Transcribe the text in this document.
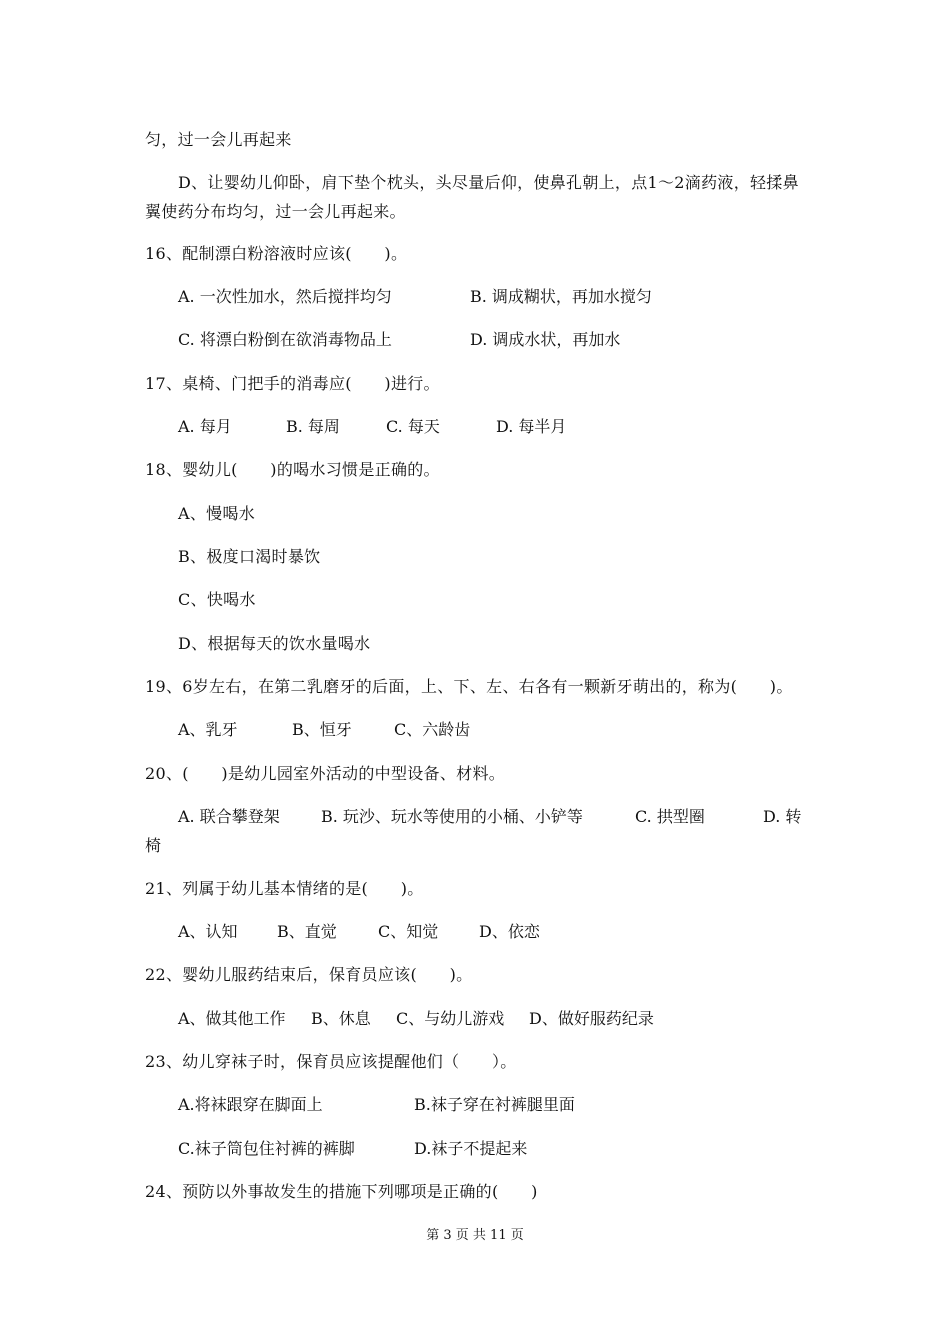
匀，过一会儿再起来
D、让婴幼儿仰卧，肩下垫个枕头，头尽量后仰，使鼻孔朝上，点1～2滴药液，轻揉鼻
翼使药分布均匀，过一会儿再起来。
16、配制漂白粉溶液时应该(　　)。
A. 一次性加水，然后搅拌均匀	B. 调成糊状，再加水搅匀
C. 将漂白粉倒在欲消毒物品上	D. 调成水状，再加水
17、桌椅、门把手的消毒应(　　)进行。
A. 每月	B. 每周	C. 每天	D. 每半月
18、婴幼儿(　　)的喝水习惯是正确的。
A、慢喝水
B、极度口渴时暴饮
C、快喝水
D、根据每天的饮水量喝水
19、6岁左右，在第二乳磨牙的后面，上、下、左、右各有一颗新牙萌出的，称为(　　)。
A、乳牙	B、恒牙	C、六龄齿
20、(　　)是幼儿园室外活动的中型设备、材料。
A. 联合攀登架	B. 玩沙、玩水等使用的小桶、小铲等	C. 拱型圈	D. 转
椅
21、列属于幼儿基本情绪的是(　　)。
A、认知 B、直觉	C、知觉	D、依恋
22、婴幼儿服药结束后，保育员应该(　　)。
A、做其他工作 B、休息 C、与幼儿游戏 D、做好服药纪录
23、幼儿穿袜子时，保育员应该提醒他们（　　）。
A.将袜跟穿在脚面上	B.袜子穿在衬裤腿里面
C.袜子筒包住衬裤的裤脚	D.袜子不提起来
24、预防以外事故发生的措施下列哪项是正确的(　　)
第 3 页 共 11 页
